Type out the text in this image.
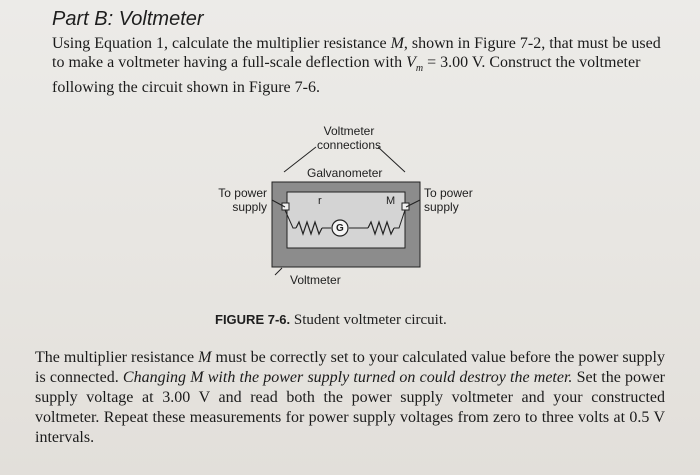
Part B: Voltmeter
Using Equation 1, calculate the multiplier resistance M, shown in Figure 7-2, that must be used to make a voltmeter having a full-scale deflection with $V_m = 3.00$ V. Construct the voltmeter following the circuit shown in Figure 7-6.
Voltmeter
connections
Galvanometer
To power
supply
To power
supply
r	M
G
Voltmeter
FIGURE 7-6. Student voltmeter circuit.
The multiplier resistance M must be correctly set to your calculated value before the power supply is connected. Changing M with the power supply turned on could destroy the meter. Set the power supply voltage at 3.00 V and read both the power supply voltmeter and your constructed voltmeter. Repeat these measurements for power supply voltages from zero to three volts at 0.5 V intervals.
